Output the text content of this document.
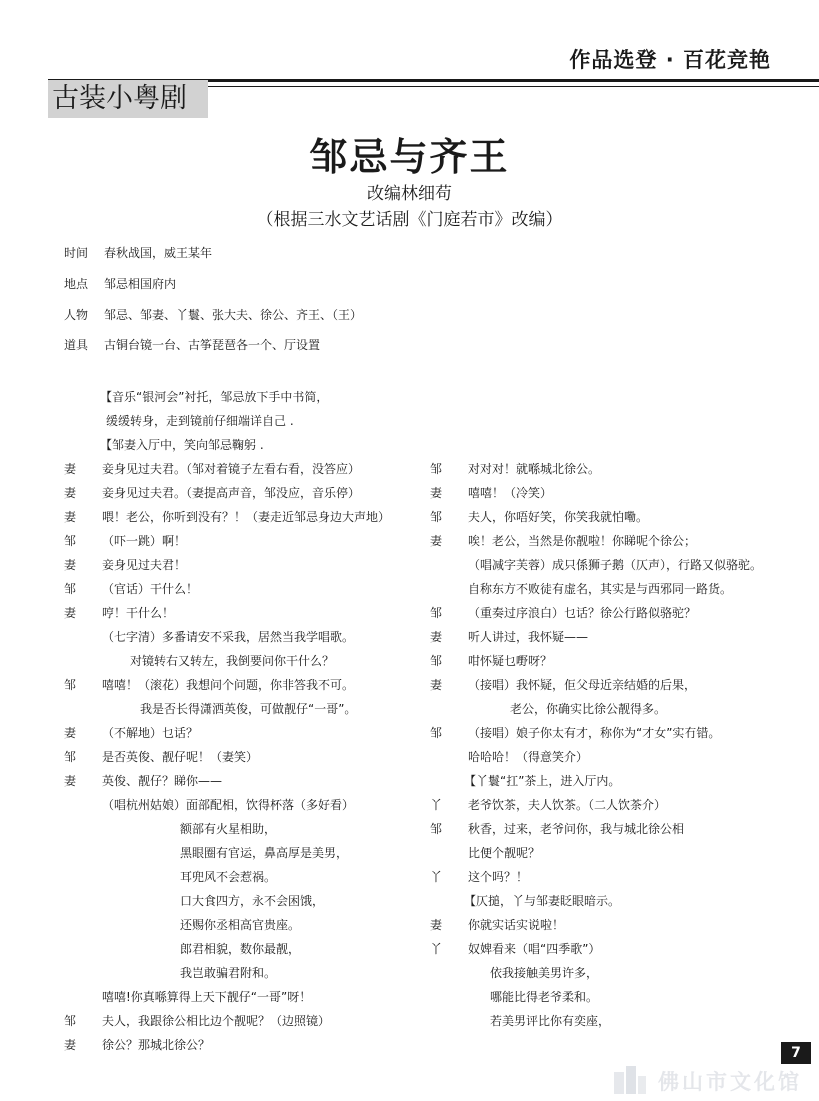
作品选登 · 百花竞艳
古装小粤剧
邹忌与齐王
改编林细苟
（根据三水文艺话剧《门庭若市》改编）
时间 春秋战国，威王某年
地点 邹忌相国府内
人物 邹忌、邹妻、丫鬟、张大夫、徐公、齐王、（王）
道具 古铜台镜一台、古筝琵琶各一个、厅设置
【音乐“银河会”衬托，邹忌放下手中书简，
缓缓转身，走到镜前仔细端详自己 .
【邹妻入厅中，笑向邹忌鞠躬 .
妻 妾身见过夫君。（邹对着镜子左看右看，没答应）
妻 妾身见过夫君。（妻提高声音，邹没应，音乐停）
妻 喂！老公，你听到没有？！（妻走近邹忌身边大声地）
邹 （吓一跳）啊！
妻 妾身见过夫君！
邹 （官话）干什么！
妻 哼！干什么！
（七字清）多番请安不采我，居然当我学唱歌。
对镜转右又转左，我倒要问你干什么？
邹 嘻嘻！（滚花）我想问个问题，你非答我不可。
我是否长得潇洒英俊，可做靓仔“一哥”。
妻 （不解地）乜话？
邹 是否英俊、靓仔呢！（妻笑）
妻 英俊、靓仔？睇你——
（唱杭州姑娘）面部配相，饮得杯落（多好看）
额部有火星相助，
黑眼圈有官运，鼻高厚是美男，
耳兜风不会惹祸。
口大食四方，永不会困饿，
还赐你丞相高官贵座。
郎君相貌，数你最靓，
我岂敢骗君附和。
嘻嘻!你真喺算得上天下靓仔“一哥”呀！
邹 夫人，我跟徐公相比边个靓呢？（边照镜）
妻 徐公？那城北徐公？
邹 对对对！就喺城北徐公。
妻 嘻嘻！（冷笑）
邹 夫人，你唔好笑，你笑我就怕嘞。
妻 唉！老公，当然是你靓啦！你睇呢个徐公；
（唱减字芙蓉）成只係狮子鹅（仄声），行路又似骆驼。
自称东方不败徒有虚名，其实是与西邪同一路货。
邹 （重奏过序浪白）乜话？徐公行路似骆驼？
妻 听人讲过，我怀疑——
邹 咁怀疑乜嘢呀？
妻 （接唱）我怀疑，佢父母近亲结婚的后果，
老公，你确实比徐公靓得多。
邹 （接唱）娘子你太有才，称你为“才女”实冇错。
哈哈哈！（得意笑介）
【丫鬟“扛”茶上，进入厅内。
丫 老爷饮茶，夫人饮茶。（二人饮茶介）
邹 秋香，过来，老爷问你，我与城北徐公相
比便个靓呢？
丫 这个吗？！
【仄搥，丫与邹妻眨眼暗示。
妻 你就实话实说啦！
丫 奴婢看来（唱“四季歌”）
依我接触美男许多，
哪能比得老爷柔和。
若美男评比你有奕座，
7
佛山市文化馆
